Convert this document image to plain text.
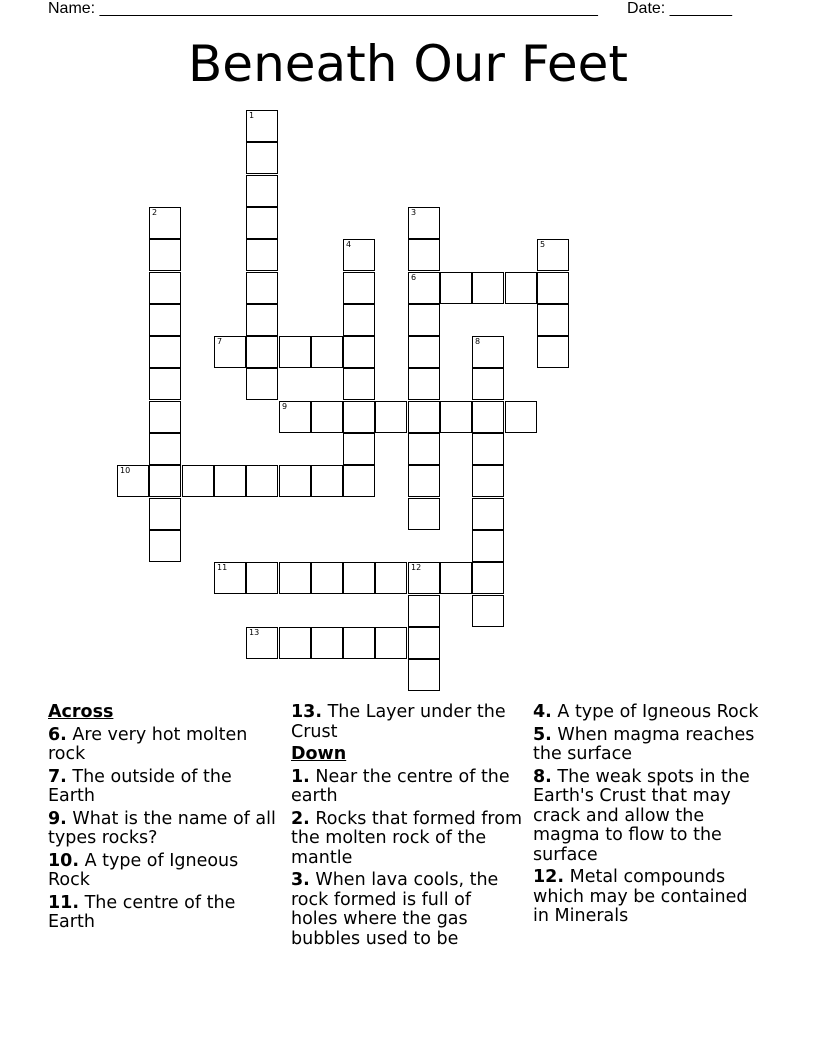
Name: ________________________________________________________ Date: _______
Beneath Our Feet
1
2	3
6
4	5
7	8
9
10
11	12
13
Across
6. Are very hot molten rock
7. The outside of the Earth
9. What is the name of all types rocks?
10. A type of Igneous Rock
11. The centre of the Earth
13. The Layer under the Crust
Down
1. Near the centre of the earth
2. Rocks that formed from the molten rock of the mantle
3. When lava cools, the rock formed is full of holes where the gas bubbles used to be
4. A type of Igneous Rock
5. When magma reaches the surface
8. The weak spots in the Earth's Crust that may crack and allow the magma to flow to the surface
12. Metal compounds which may be contained in Minerals
